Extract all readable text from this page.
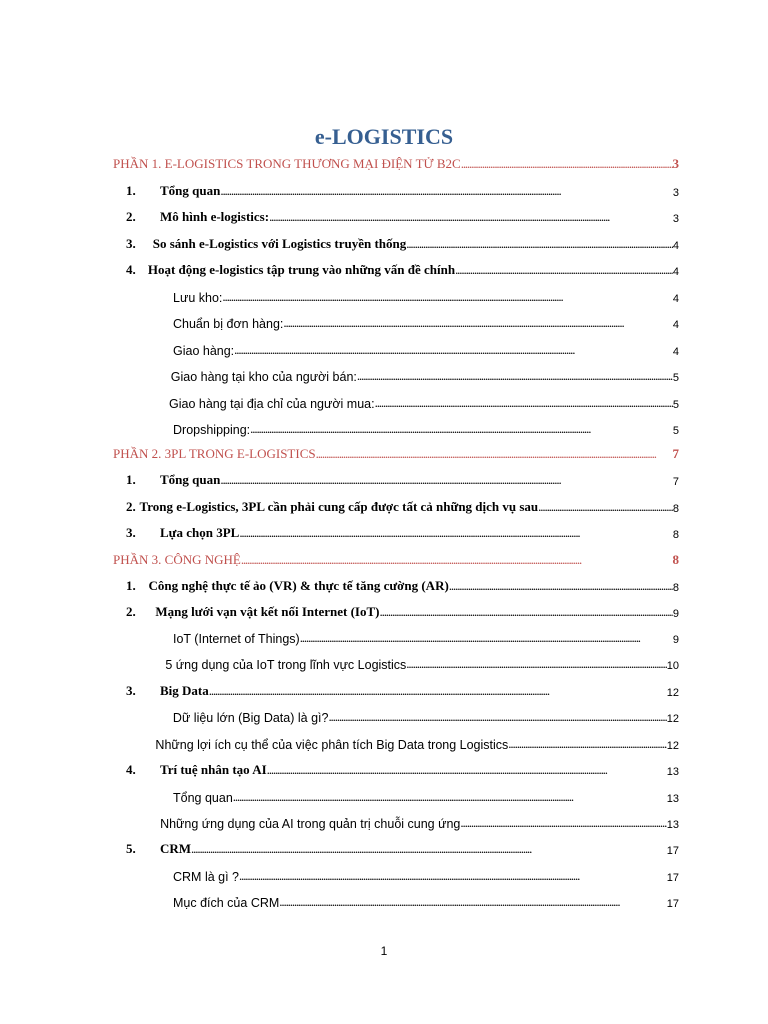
e-LOGISTICS
PHẦN 1. E-LOGISTICS TRONG THƯƠNG MẠI ĐIỆN TỬ B2C . . .	3
1.	Tổng quan . . .	3
2.	Mô hình e-logistics: . . .	3
3.	So sánh e-Logistics với Logistics truyền thống . . .	4
4. Hoạt động e-logistics tập trung vào những vấn đề chính . . .	4
Lưu kho: . . .	4
Chuẩn bị đơn hàng: . . .	4
Giao hàng: . . .	4
Giao hàng tại kho của người bán: . . .	5
Giao hàng tại địa chỉ của người mua: . . .	5
Dropshipping: . . .	5
PHẦN 2. 3PL TRONG E-LOGISTICS . . .	7
1.	Tổng quan . . .	7
2. Trong e-Logistics, 3PL cần phải cung cấp được tất cả những dịch vụ sau . . .	8
3.	Lựa chọn 3PL . . .	8
PHẦN 3. CÔNG NGHỆ . . .	8
1. Công nghệ thực tế ảo (VR) & thực tế tăng cường (AR) . . .	8
2.	Mạng lưới vạn vật kết nối Internet (IoT) . . .	9
IoT (Internet of Things) . . .	9
5 ứng dụng của IoT trong lĩnh vực Logistics . . .	10
3.	Big Data . . .	12
Dữ liệu lớn (Big Data) là gì? . . .	12
Những lợi ích cụ thể của việc phân tích Big Data trong Logistics . . .	12
4.	Trí tuệ nhân tạo AI . . .	13
Tổng quan . . .	13
Những ứng dụng của AI trong quản trị chuỗi cung ứng . . .	13
5.	CRM . . .	17
CRM là gì ? . . .	17
Mục đích của CRM . . .	17
1
